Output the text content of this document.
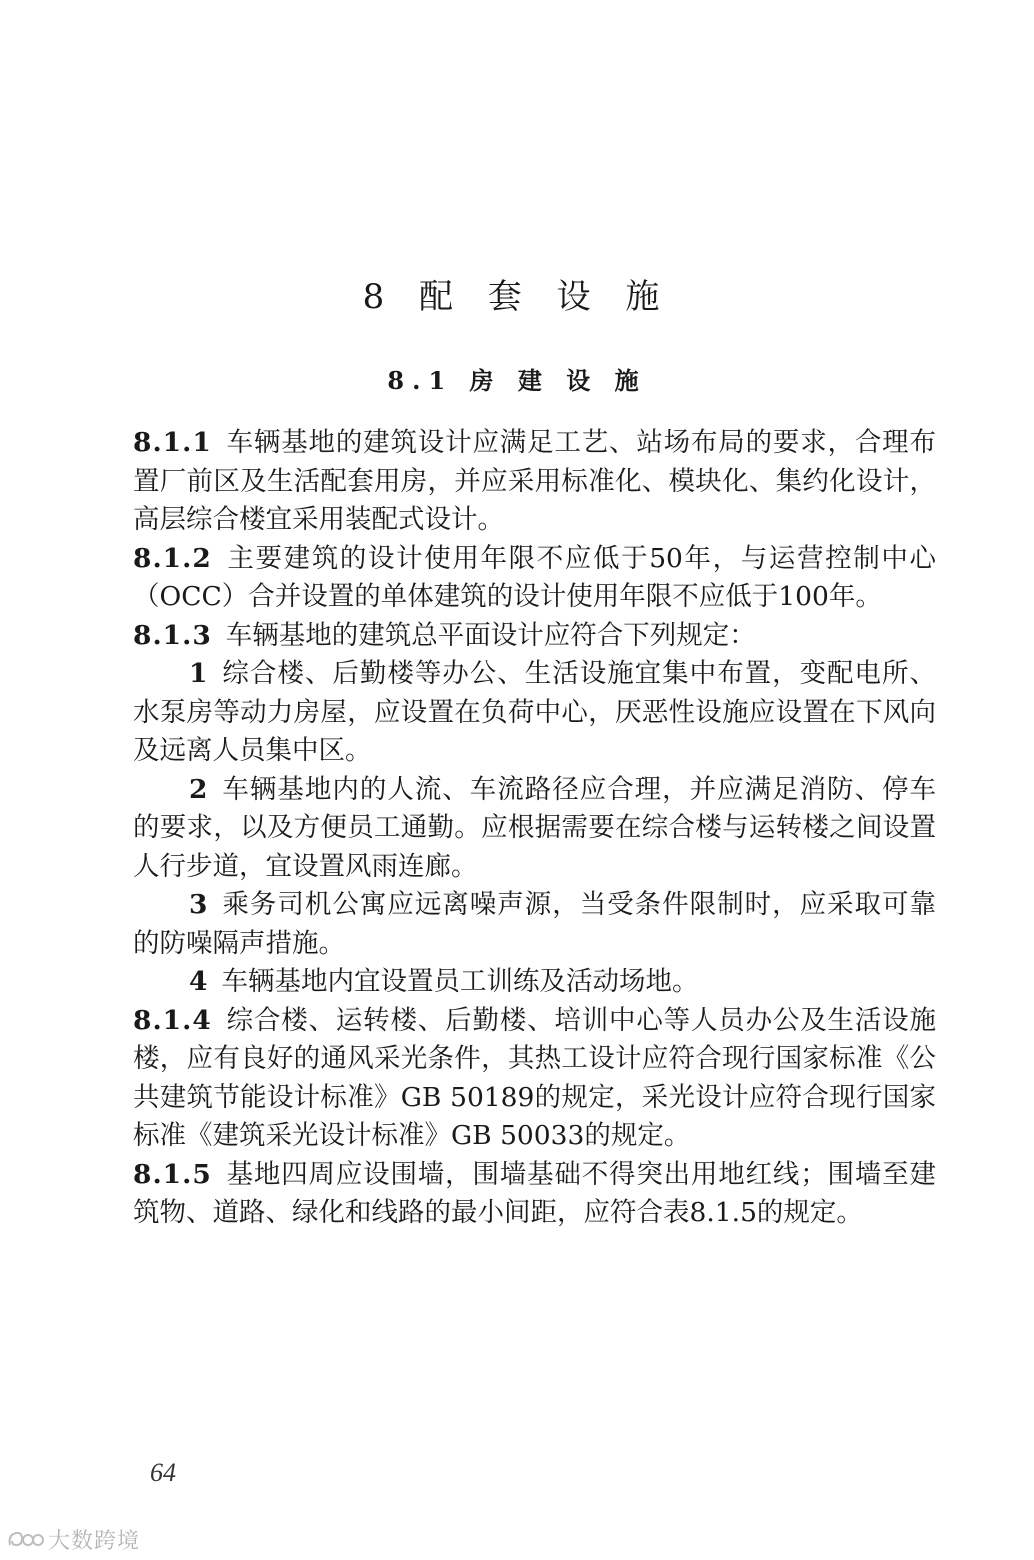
8 配 套 设 施
8.1 房 建 设 施

8.1.1 车辆基地的建筑设计应满足工艺、站场布局的要求，合理布置厂前区及生活配套用房，并应采用标准化、模块化、集约化设计，高层综合楼宜采用装配式设计。

8.1.2 主要建筑的设计使用年限不应低于50年，与运营控制中心（OCC）合并设置的单体建筑的设计使用年限不应低于100年。

8.1.3 车辆基地的建筑总平面设计应符合下列规定：

1 综合楼、后勤楼等办公、生活设施宜集中布置，变配电所、水泵房等动力房屋，应设置在负荷中心，厌恶性设施应设置在下风向及远离人员集中区。

2 车辆基地内的人流、车流路径应合理，并应满足消防、停车的要求，以及方便员工通勤。应根据需要在综合楼与运转楼之间设置人行步道，宜设置风雨连廊。

3 乘务司机公寓应远离噪声源，当受条件限制时，应采取可靠的防噪隔声措施。

4 车辆基地内宜设置员工训练及活动场地。

8.1.4 综合楼、运转楼、后勤楼、培训中心等人员办公及生活设施楼，应有良好的通风采光条件，其热工设计应符合现行国家标准《公共建筑节能设计标准》GB 50189的规定，采光设计应符合现行国家标准《建筑采光设计标准》GB 50033的规定。

8.1.5 基地四周应设围墙，围墙基础不得突出用地红线；围墙至建筑物、道路、绿化和线路的最小间距，应符合表8.1.5的规定。

64
大数跨境
